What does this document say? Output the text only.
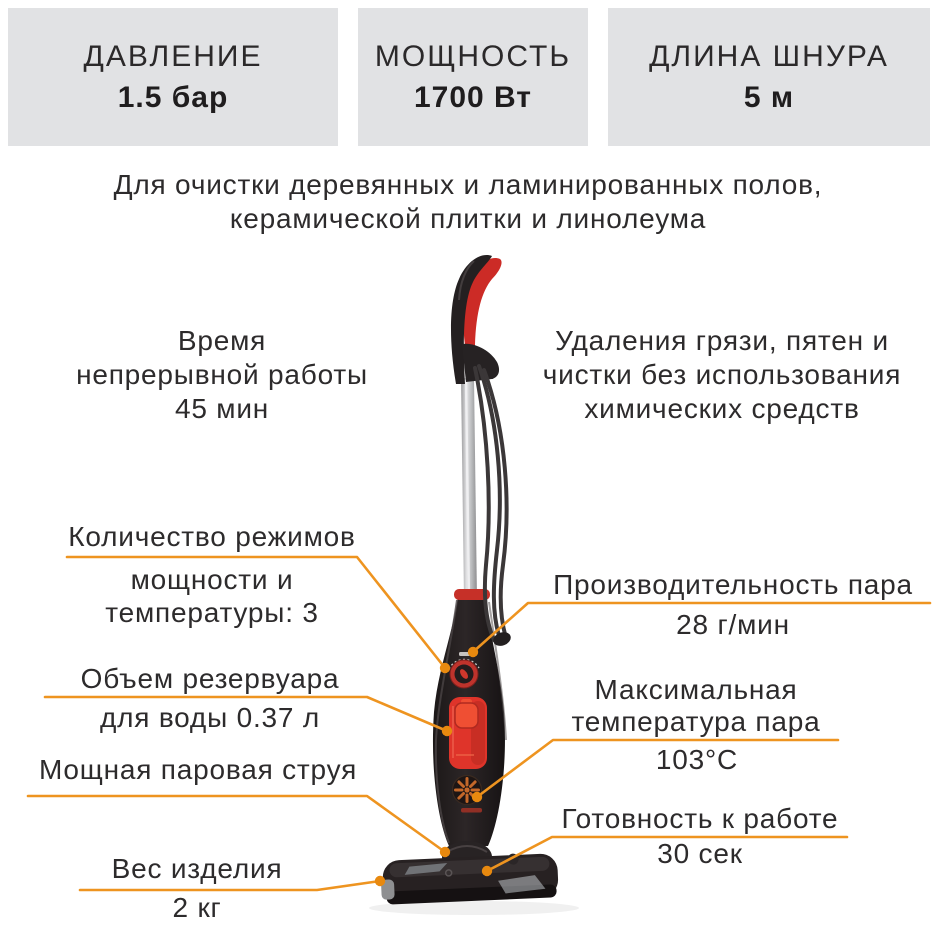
ДАВЛЕНИЕ
1.5 бар
МОЩНОСТЬ
1700 Вт
ДЛИНА ШНУРА
5 м
Для очистки деревянных и ламинированных полов,
керамической плитки и линолеума
Время
непрерывной работы
45 мин
Удаления грязи, пятен и
чистки без использования
химических средств
Количество режимов
мощности и
температуры: 3
Объем резервуара
для воды 0.37 л
Мощная паровая струя
Вес изделия
2 кг
Производительность пара
28 г/мин
Максимальная
температура пара
103°C
Готовность к работе
30 сек
